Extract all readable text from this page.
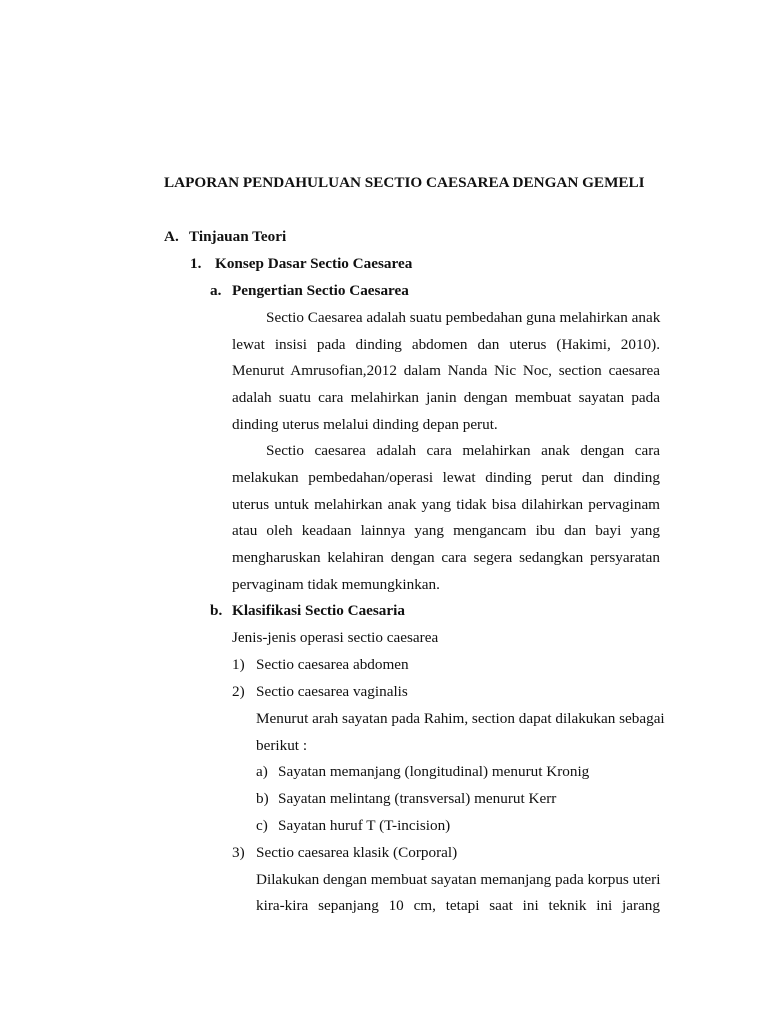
LAPORAN PENDAHULUAN SECTIO CAESAREA DENGAN GEMELI
A. Tinjauan Teori
1. Konsep Dasar Sectio Caesarea
a. Pengertian Sectio Caesarea
Sectio Caesarea adalah suatu pembedahan guna melahirkan anak
lewat insisi pada dinding abdomen dan uterus (Hakimi, 2010).
Menurut Amrusofian,2012 dalam Nanda Nic Noc, section caesarea
adalah suatu cara melahirkan janin dengan membuat sayatan pada
dinding uterus melalui dinding depan perut.
Sectio caesarea adalah cara melahirkan anak dengan cara
melakukan pembedahan/operasi lewat dinding perut dan dinding
uterus untuk melahirkan anak yang tidak bisa dilahirkan pervaginam
atau oleh keadaan lainnya yang mengancam ibu dan bayi yang
mengharuskan kelahiran dengan cara segera sedangkan persyaratan
pervaginam tidak memungkinkan.
b. Klasifikasi Sectio Caesaria
Jenis-jenis operasi sectio caesarea
1) Sectio caesarea abdomen
2) Sectio caesarea vaginalis
Menurut arah sayatan pada Rahim, section dapat dilakukan sebagai
berikut :
a) Sayatan memanjang (longitudinal) menurut Kronig
b) Sayatan melintang (transversal) menurut Kerr
c) Sayatan huruf T (T-incision)
3) Sectio caesarea klasik (Corporal)
Dilakukan dengan membuat sayatan memanjang pada korpus uteri
kira-kira sepanjang 10 cm, tetapi saat ini teknik ini jarang
